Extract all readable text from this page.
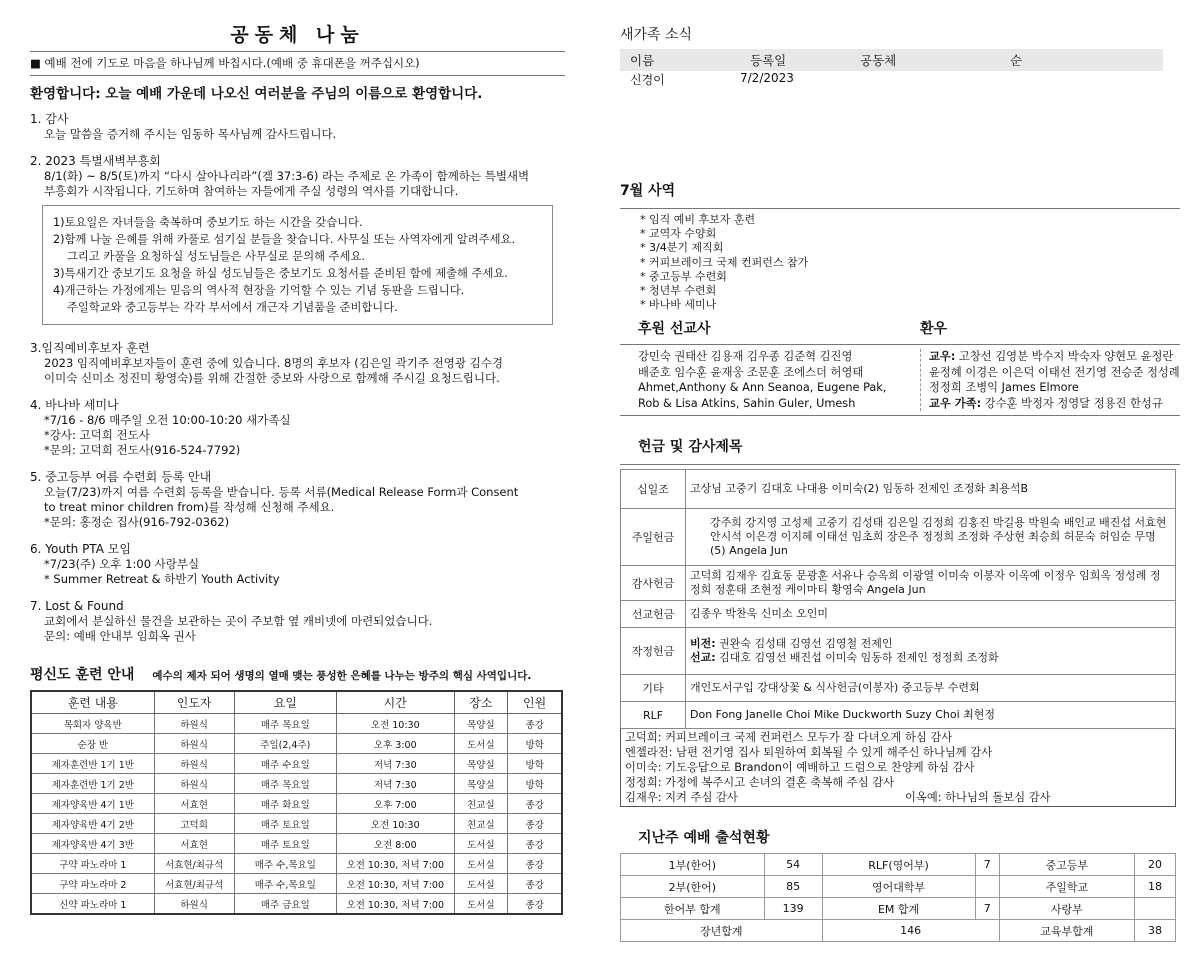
공동체 나눔
■ 예배 전에 기도로 마음을 하나님께 바칩시다.(예배 중 휴대폰을 꺼주십시오)
환영합니다: 오늘 예배 가운데 나오신 여러분을 주님의 이름으로 환영합니다.
1. 감사
오늘 말씀을 증거해 주시는 임동하 목사님께 감사드립니다.
2. 2023 특별새벽부흥회
8/1(화) ~ 8/5(토)까지 “다시 살아나리라”(겔 37:3-6) 라는 주제로 온 가족이 함께하는 특별새벽
부흥회가 시작됩니다. 기도하며 참여하는 자들에게 주실 성령의 역사를 기대합니다.
1)토요일은 자녀들을 축복하며 중보기도 하는 시간을 갖습니다.
2)함께 나눌 은혜를 위해 카풀로 섬기실 분들을 찾습니다. 사무실 또는 사역자에게 알려주세요.
그리고 카풀을 요청하실 성도님들은 사무실로 문의해 주세요.
3)특새기간 중보기도 요청을 하실 성도님들은 중보기도 요청서를 준비된 함에 제출해 주세요.
4)개근하는 가정에게는 믿음의 역사적 현장을 기억할 수 있는 기념 동판을 드립니다.
주일학교와 중고등부는 각각 부서에서 개근자 기념품을 준비합니다.
3.임직예비후보자 훈련
2023 임직예비후보자들이 훈련 중에 있습니다. 8명의 후보자 (김은일 곽기주 전영광 김수경
이미숙 신미소 정진미 황영숙)를 위해 간절한 중보와 사랑으로 함께해 주시길 요청드립니다.
4. 바나바 세미나
*7/16 - 8/6 매주일 오전 10:00-10:20 새가족실
*강사: 고덕희 전도사
*문의: 고덕희 전도사(916-524-7792)
5. 중고등부 여름 수련회 등록 안내
오늘(7/23)까지 여름 수련회 등록을 받습니다. 등록 서류(Medical Release Form과 Consent
to treat minor children from)를 작성해 신청해 주세요.
*문의: 홍정순 집사(916-792-0362)
6. Youth PTA 모임
*7/23(주) 오후 1:00 사랑부실
* Summer Retreat & 하반기 Youth Activity
7. Lost & Found
교회에서 분실하신 물건을 보관하는 곳이 주보함 옆 캐비넷에 마련되었습니다.
문의: 예배 안내부 임희옥 권사
평신도 훈련 안내 예수의 제자 되어 생명의 열매 맺는 풍성한 은혜를 나누는 방주의 핵심 사역입니다.
훈련 내용	인도자	요일	시간	장소	인원
목회자 양육반	하원식	매주 목요일	오전 10:30	목양실	종강
순장 반	하원식	주일(2,4주)	오후 3:00	도서실	방학
제자훈련반 1기 1반	하원식	매주 수요일	저녁 7:30	목양실	방학
제자훈련반 1기 2반	하원식	매주 목요일	저녁 7:30	목양실	방학
제자양육반 4기 1반	서효현	매주 화요일	오후 7:00	친교실	종강
제자양육반 4기 2반	고덕희	매주 토요일	오전 10:30	친교실	종강
제자양육반 4기 3반	서효현	매주 토요일	오전 8:00	도서실	종강
구약 파노라마 1	서효현/최규석	매주 수,목요일	오전 10:30, 저녁 7:00	도서실	종강
구약 파노라마 2	서효현/최규석	매주 수,목요일	오전 10:30, 저녁 7:00	도서실	종강
신약 파노라마 1	하원식	매주 금요일	오전 10:30, 저녁 7:00	도서실	종강
새가족 소식
이름	등록일	공동체	순
신경이	7/2/2023
7월 사역
* 임직 예비 후보자 훈련
* 교역자 수양회
* 3/4분기 제직회
* 커피브레이크 국제 컨퍼런스 참가
* 중고등부 수련회
* 청년부 수련회
* 바나바 세미나
후원 선교사	환우
강민숙 권태산 김용재 김우종 김준혁 김진영
배준호 임수훈 윤재웅 조문훈 조에스더 허영태
Ahmet,Anthony & Ann Seanoa, Eugene Pak,
Rob & Lisa Atkins, Sahin Guler, Umesh
교우: 고창선 김영분 박수지 박숙자 양현모 윤정란
윤정혜 이경은 이은덕 이태선 전기영 전승준 정성례
정정희 조병익 James Elmore
교우 가족: 강수훈 박정자 정영달 정용진 한성규
헌금 및 감사제목
십일조	고상님 고중기 김대호 나대용 이미숙(2) 임동하 전제인 조정화 최용석B

주일헌금	강주희 강지영 고성제 고중기 김성태 김은일 김정희 김홍진 박길용 박원숙 배인교 배진섭 서효현 안시석 이은경 이지혜 이태선 임초희 장은주 정정희 조정화 주상현 최승희 허문숙 허임순 무명(5) Angela Jun

감사헌금	고덕희 김재우 김효동 문광훈 서유나 승옥희 이광열 이미숙 이봉자 이옥예 이정우 임희옥 정성례 정정희 정훈태 조현정 케이마티 황영숙 Angela Jun

선교헌금	김종우 박찬욱 신미소 오인미

작정헌금	비전: 권완숙 김성태 김영선 김영철 전제인
선교: 김대호 김영선 배진섭 이미숙 임동하 전제인 정정희 조정화

기타	개인도서구입 강대상꽃 & 식사헌금(이봉자) 중고등부 수련회

RLF	Don Fong Janelle Choi Mike Duckworth Suzy Choi 최현정
고덕희: 커피브레이크 국제 컨퍼런스 모두가 잘 다녀오게 하심 감사
엔젤라전: 남편 전기영 집사 퇴원하여 회복될 수 있게 해주신 하나님께 감사
이미숙: 기도응답으로 Brandon이 예배하고 드럼으로 찬양케 하심 감사
정정희: 가정에 복주시고 손녀의 결혼 축복해 주심 감사
김재우: 지켜 주심 감사	이옥예: 하나님의 돌보심 감사
지난주 예배 출석현황
1부(한어)	54	RLF(영어부)	7	중고등부	20
2부(한어)	85	영어대학부		주일학교	18
한어부 합계	139	EM 합계	7	사랑부	
장년합계		146		교육부합계	38
